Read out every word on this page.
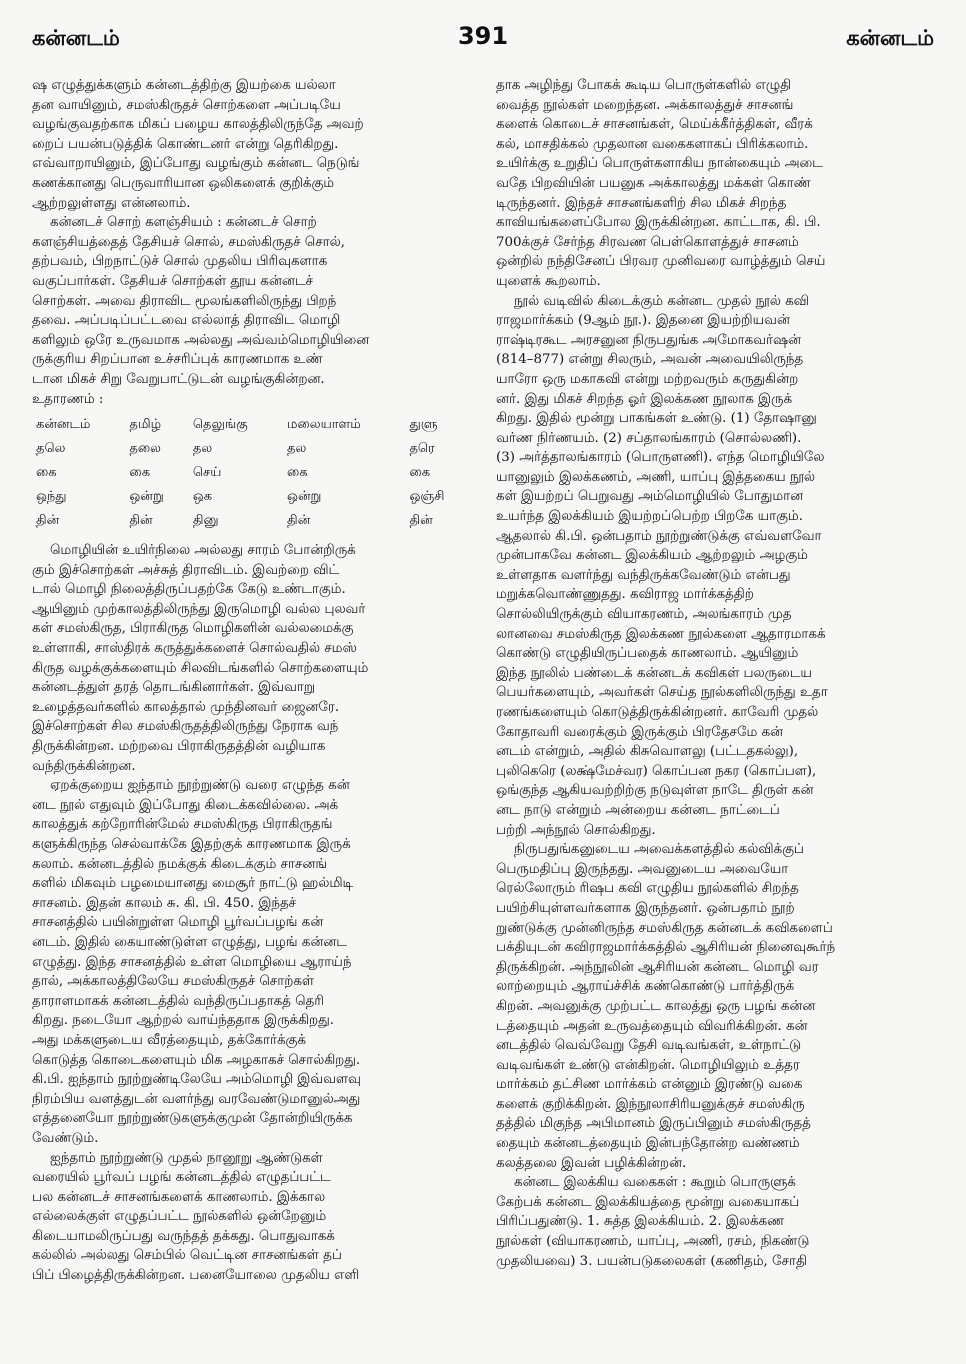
கன்னடம்	391	கன்னடம்

ஷ எழுத்துக்களும் கன்னடத்திற்கு இயற்கை யல்லா

தன வாயினும், சமஸ்கிருதச் சொற்களை அப்படியே

வழங்குவதற்காக மிகப் பழைய காலத்திலிருந்தே அவற்

றைப் பயன்படுத்திக் கொண்டனர் என்று தெரிகிறது.

எவ்வாறாயினும், இப்போது வழங்கும் கன்னட நெடுங்

கணக்கானது பெருவாரியான ஒலிகளைக் குறிக்கும்

ஆற்றலுள்ளது என்னலாம்.

கன்னடச் சொற் களஞ்சியம் : கன்னடச் சொற்

களஞ்சியத்தைத் தேசியச் சொல், சமஸ்கிருதச் சொல்,

தற்பவம், பிறநாட்டுச் சொல் முதலிய பிரிவுகளாக

வகுப்பார்கள். தேசியச் சொற்கள் தூய கன்னடச்

சொற்கள். அவை திராவிட மூலங்களிலிருந்து பிறந்

தவை. அப்படிப்பட்டவை எல்லாத் திராவிட மொழி

களிலும் ஒரே உருவமாக அல்லது அவ்வம்மொழியினை

ருக்குரிய சிறப்பான உச்சரிப்புக் காரணமாக உண்

டான மிகச் சிறு வேறுபாட்டுடன் வழங்குகின்றன.

உதாரணம் :

கன்னடம்	தமிழ்	தெலுங்கு	மலையாளம்	துளு
தலெ	தலை	தல	தல	தரெ
கை	கை	செய்	கை	கை
ஒந்து	ஒன்று	ஒக	ஒன்று	ஒஞ்சி
தின்	தின்	தினு	தின்	தின்

மொழியின் உயிர்நிலை அல்லது சாரம் போன்றிருக்

கும் இச்சொற்கள் அச்சுத் திராவிடம். இவற்றை விட்

டால் மொழி நிலைத்திருப்பதற்கே கேடு உண்டாகும்.

ஆயினும் முற்காலத்திலிருந்து இருமொழி வல்ல புலவர்

கள் சமஸ்கிருத, பிராகிருத மொழிகளின் வல்லமைக்கு

உள்ளாகி, சாஸ்திரக் கருத்துக்களைச் சொல்வதில் சமஸ்

கிருத வழக்குக்களையும் சிலவிடங்களில் சொற்களையும்

கன்னடத்துள் தரத் தொடங்கினார்கள். இவ்வாறு

உழைத்தவர்களில் காலத்தால் முந்தினவர் ஜைனரே.

இச்சொற்கள் சில சமஸ்கிருதத்திலிருந்து நேராக வந்

திருக்கின்றன. மற்றவை பிராகிருதத்தின் வழியாக

வந்திருக்கின்றன.

ஏறக்குறைய ஐந்தாம் நூற்றுண்டு வரை எழுந்த கன்

னட நூல் எதுவும் இப்போது கிடைக்கவில்லை. அக்

காலத்துக் கற்றோரின்மேல் சமஸ்கிருத பிராகிருதங்

களுக்கிருந்த செல்வாக்கே இதற்குக் காரணமாக இருக்

கலாம். கன்னடத்தில் நமக்குக் கிடைக்கும் சாசனங்

களில் மிகவும் பழமையானது மைசூர் நாட்டு ஹல்மிடி

சாசனம். இதன் காலம் சு. கி. பி. 450. இந்தச்

சாசனத்தில் பயின்றுள்ள மொழி பூர்வப்பழங் கன்

னடம். இதில் கையாண்டுள்ள எழுத்து, பழங் கன்னட

எழுத்து. இந்த சாசனத்தில் உள்ள மொழியை ஆராய்ந்

தால், அக்காலத்திலேயே சமஸ்கிருதச் சொற்கள்

தாராளமாகக் கன்னடத்தில் வந்திருப்பதாகத் தெரி

கிறது. நடையோ ஆற்றல் வாய்ந்ததாக இருக்கிறது.

அது மக்களுடைய வீரத்தையும், தக்கோர்க்குக்

கொடுத்த கொடைகளையும் மிக அழகாகச் சொல்கிறது.

கி.பி. ஐந்தாம் நூற்றுண்டிலேயே அம்மொழி இவ்வளவு

நிரம்பிய வளத்துடன் வளர்ந்து வரவேண்டுமானுல்அது

எத்தனையோ நூற்றுண்டுகளுக்குமுன் தோன்றியிருக்க

வேண்டும்.

ஐந்தாம் நூற்றுண்டு முதல் நானூறு ஆண்டுகள்

வரையில் பூர்வப் பழங் கன்னடத்தில் எழுதப்பட்ட

பல கன்னடச் சாசனங்களைக் காணலாம். இக்கால

எல்லைக்குள் எழுதப்பட்ட நூல்களில் ஒன்றேனும்

கிடையாமலிருப்பது வருந்தத் தக்கது. பொதுவாகக்

கல்லில் அல்லது செம்பில் வெட்டின சாசனங்கள் தப்

பிப் பிழைத்திருக்கின்றன. பனையோலை முதலிய எளி

தாக அழிந்து போகக் கூடிய பொருள்களில் எழுதி

வைத்த நூல்கள் மறைந்தன. அக்காலத்துச் சாசனங்

களைக் கொடைச் சாசனங்கள், மெய்க்கீர்த்திகள், வீரக்

கல், மாசதிக்கல் முதலான வகைகளாகப் பிரிக்கலாம்.

உயிர்க்கு உறுதிப் பொருள்களாகிய நான்கையும் அடை

வதே பிறவியின் பயனுக அக்காலத்து மக்கள் கொண்

டிருந்தனர். இந்தச் சாசனங்களிற் சில மிகச் சிறந்த

காவியங்களைப்போல இருக்கின்றன. காட்டாக, கி. பி.

700க்குச் சேர்ந்த சிரவண பெள்கொளத்துச் சாசனம்

ஒன்றில் நந்திசேனப் பிரவர முனிவரை வாழ்த்தும் செய்

யுளைக் கூறலாம்.

நூல் வடிவில் கிடைக்கும் கன்னட முதல் நூல் கவி

ராஜமார்க்கம் (9ஆம் நூ.). இதனை இயற்றியவன்

ராஷ்டிரகூட அரசனுன நிருபதுங்க அமோகவர்ஷன்

(814–877) என்று சிலரும், அவன் அவையிலிருந்த

யாரோ ஒரு மகாகவி என்று மற்றவரும் கருதுகின்ற

னர். இது மிகச் சிறந்த ஓர் இலக்கண நூலாக இருக்

கிறது. இதில் மூன்று பாகங்கள் உண்டு. (1) தோஷானு

வர்ண நிர்ணயம். (2) சப்தாலங்காரம் (சொல்லணி).

(3) அர்த்தாலங்காரம் (பொருளணி). எந்த மொழியிலே

யானுலும் இலக்கணம், அணி, யாப்பு இத்தகைய நூல்

கள் இயற்றப் பெறுவது அம்மொழியில் போதுமான

உயர்ந்த இலக்கியம் இயற்றப்பெற்ற பிறகே யாகும்.

ஆதலால் கி.பி. ஒன்பதாம் நூற்றுண்டுக்கு எவ்வளவோ

முன்பாகவே கன்னட இலக்கியம் ஆற்றலும் அழகும்

உள்ளதாக வளர்ந்து வந்திருக்கவேண்டும் என்பது

மறுக்கவொண்ணுதது. கவிராஜ மார்க்கத்திற்

சொல்லியிருக்கும் வியாகரணம், அலங்காரம் முத

லானவை சமஸ்கிருத இலக்கண நூல்களை ஆதாரமாகக்

கொண்டு எழுதியிருப்பதைக் காணலாம். ஆயினும்

இந்த நூலில் பண்டைக் கன்னடக் கவிகள் பலருடைய

பெயர்களையும், அவர்கள் செய்த நூல்களிலிருந்து உதா

ரணங்களையும் கொடுத்திருக்கின்றனர். காவேரி முதல்

கோதாவரி வரைக்கும் இருக்கும் பிரதேசமே கன்

னடம் என்றும், அதில் கிசுவொளலு (பட்டதகல்லு),

புலிகெரெ (லக்ஷ்மேச்வர) கொப்பன நகர (கொப்பள),

ஒங்குந்த ஆகியவற்றிற்கு நடுவுள்ள நாடே திருள் கன்

னட நாடு என்றும் அன்றைய கன்னட நாட்டைப்

பற்றி அந்நூல் சொல்கிறது.

நிருபதுங்கனுடைய அவைக்களத்தில் கல்விக்குப்

பெருமதிப்பு இருந்தது. அவனுடைய அவையோ

ரெல்லோரும் ரிஷப கவி எழுதிய நூல்களில் சிறந்த

பயிற்சியுள்ளவர்களாக இருந்தனர். ஒன்பதாம் நூற்

றுண்டுக்கு முன்னிருந்த சமஸ்கிருத கன்னடக் கவிகளைப்

பக்தியுடன் கவிராஜமார்க்கத்தில் ஆசிரியன் நினைவுகூர்ந்

திருக்கிறன். அந்நூலின் ஆசிரியன் கன்னட மொழி வர

லாற்றையும் ஆராய்ச்சிக் கண்கொண்டு பார்த்திருக்

கிறன். அவனுக்கு முற்பட்ட காலத்து ஒரு பழங் கன்ன

டத்தையும் அதன் உருவத்தையும் விவரிக்கிறன். கன்

னடத்தில் வெவ்வேறு தேசி வடிவங்கள், உள்நாட்டு

வடிவங்கள் உண்டு என்கிறன். மொழியிலும் உத்தர

மார்க்கம் தட்சிண மார்க்கம் என்னும் இரண்டு வகை

களைக் குறிக்கிறன். இந்நூலாசிரியனுக்குச் சமஸ்கிரு

தத்தில் மிகுந்த அபிமானம் இருப்பினும் சமஸ்கிருதத்

தையும் கன்னடத்தையும் இன்பந்தோன்ற வண்ணம்

கலத்தலை இவன் பழிக்கின்றன்.

கன்னட இலக்கிய வகைகள் : கூறும் பொருளுக்

கேற்பக் கன்னட இலக்கியத்தை மூன்று வகையாகப்

பிரிப்பதுண்டு. 1. சுத்த இலக்கியம். 2. இலக்கண

நூல்கள் (வியாகரணம், யாப்பு, அணி, ரசம், நிகண்டு

முதலியவை) 3. பயன்படுகலைகள் (கணிதம், சோதி
